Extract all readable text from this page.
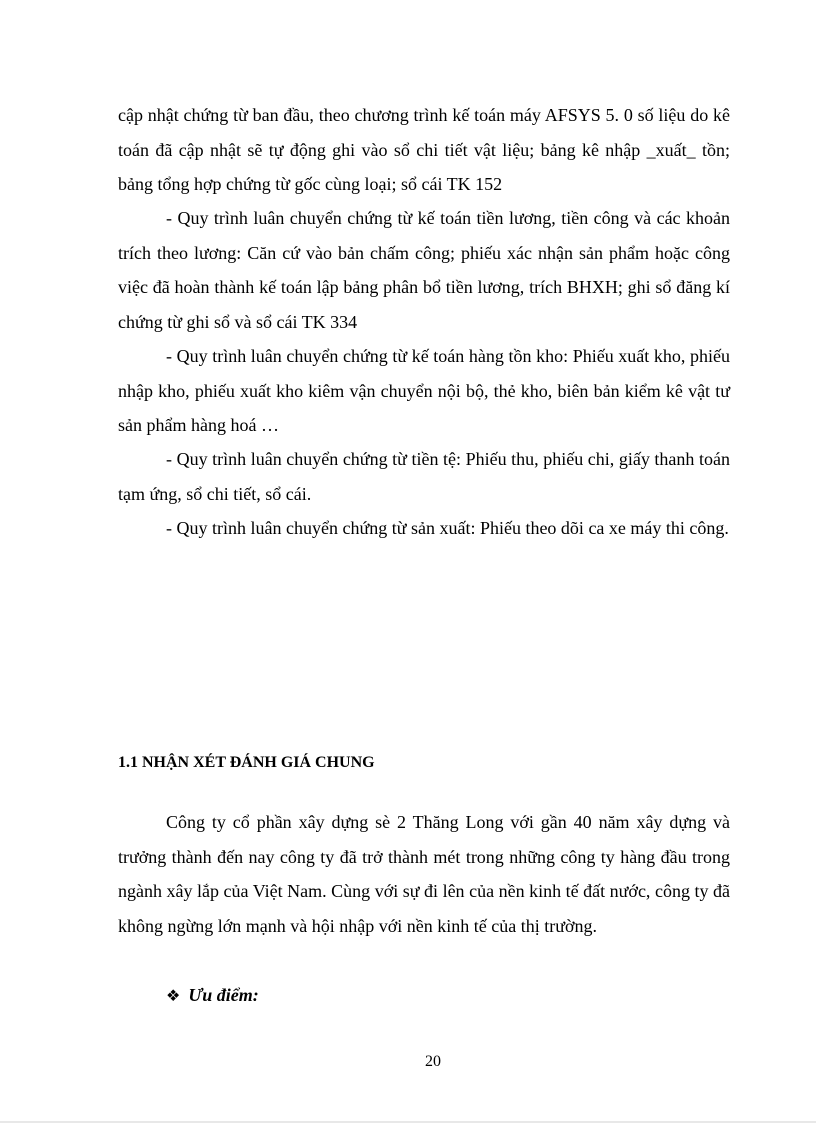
cập nhật chứng từ ban đầu, theo chương trình kế toán máy AFSYS 5. 0 số liệu do kê toán đã cập nhật sẽ tự động ghi vào sổ chi tiết vật liệu; bảng kê nhập _xuất_ tồn; bảng tổng hợp chứng từ gốc cùng loại; sổ cái TK 152

- Quy trình luân chuyển chứng từ kế toán tiền lương, tiền công và các khoản trích theo lương: Căn cứ vào bản chấm công; phiếu xác nhận sản phẩm hoặc công việc đã hoàn thành kế toán lập bảng phân bổ tiền lương, trích BHXH; ghi sổ đăng kí chứng từ ghi sổ và sổ cái TK 334

- Quy trình luân chuyển chứng từ kế toán hàng tồn kho: Phiếu xuất kho, phiếu nhập kho, phiếu xuất kho kiêm vận chuyển nội bộ, thẻ kho, biên bản kiểm kê vật tư sản phẩm hàng hoá …

- Quy trình luân chuyển chứng từ tiền tệ: Phiếu thu, phiếu chi, giấy thanh toán tạm ứng, sổ chi tiết, sổ cái.

- Quy trình luân chuyển chứng từ sản xuất: Phiếu theo dõi ca xe máy thi công.

1.1 NHẬN XÉT ĐÁNH GIÁ CHUNG

Công ty cổ phần xây dựng sè 2 Thăng Long với gần 40 năm xây dựng và trưởng thành đến nay công ty đã trở thành mét trong những công ty hàng đầu trong ngành xây lắp của Việt Nam. Cùng với sự đi lên của nền kinh tế đất nước, công ty đã không ngừng lớn mạnh và hội nhập với nền kinh tế của thị trường.

❖ Ưu điểm:
20
